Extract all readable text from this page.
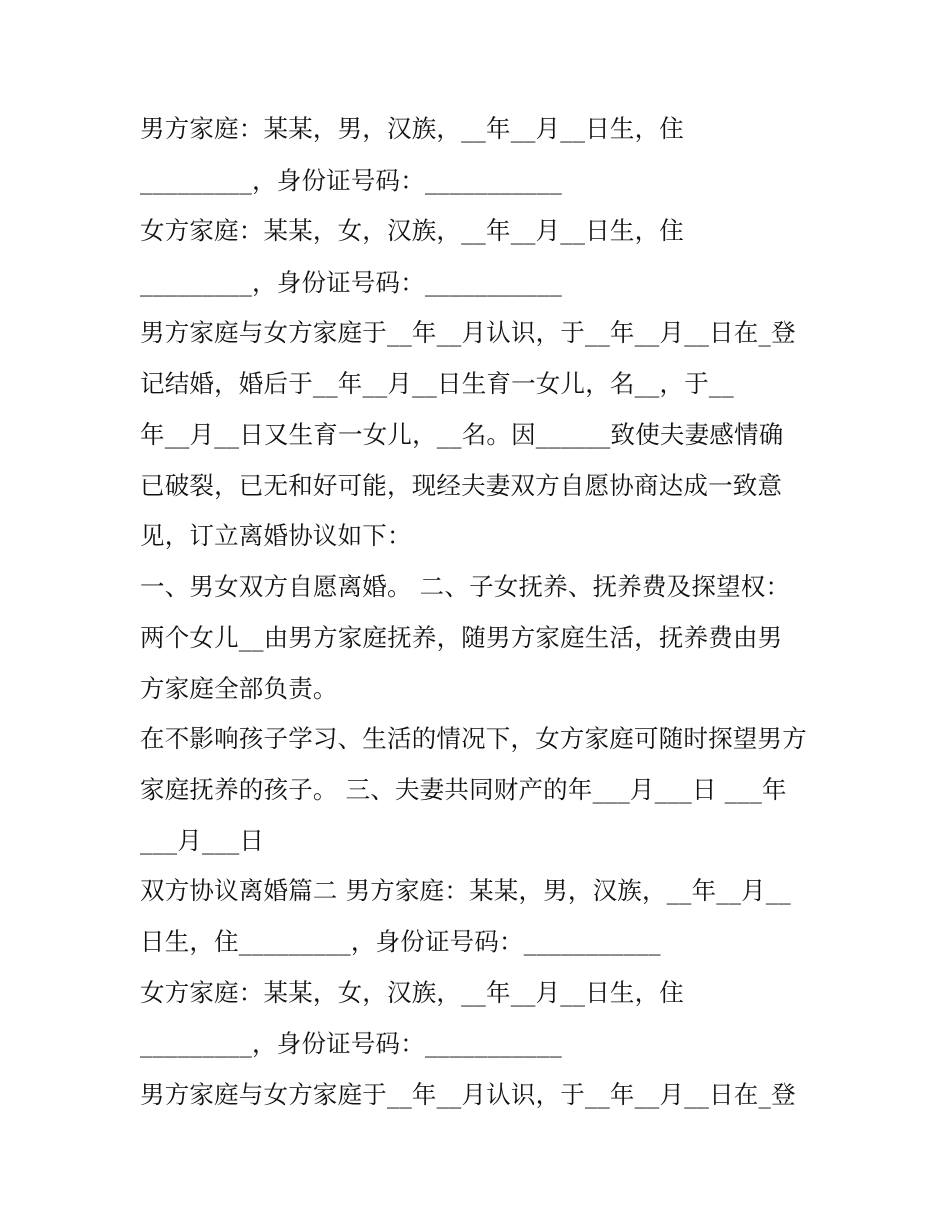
男方家庭：某某，男，汉族，__年__月__日生，住
_________，身份证号码：___________
女方家庭：某某，女，汉族，__年__月__日生，住
_________，身份证号码：___________
男方家庭与女方家庭于__年__月认识，于__年__月__日在_登
记结婚，婚后于__年__月__日生育一女儿，名__，于__
年__月__日又生育一女儿，__名。因______致使夫妻感情确
已破裂，已无和好可能，现经夫妻双方自愿协商达成一致意
见，订立离婚协议如下：
一、男女双方自愿离婚。 二、子女抚养、抚养费及探望权：
两个女儿__由男方家庭抚养，随男方家庭生活，抚养费由男
方家庭全部负责。
在不影响孩子学习、生活的情况下，女方家庭可随时探望男方
家庭抚养的孩子。 三、夫妻共同财产的年___月___日 ___年
___月___日
双方协议离婚篇二 男方家庭：某某，男，汉族，__年__月__
日生，住_________，身份证号码：___________
女方家庭：某某，女，汉族，__年__月__日生，住
_________，身份证号码：___________
男方家庭与女方家庭于__年__月认识，于__年__月__日在_登
